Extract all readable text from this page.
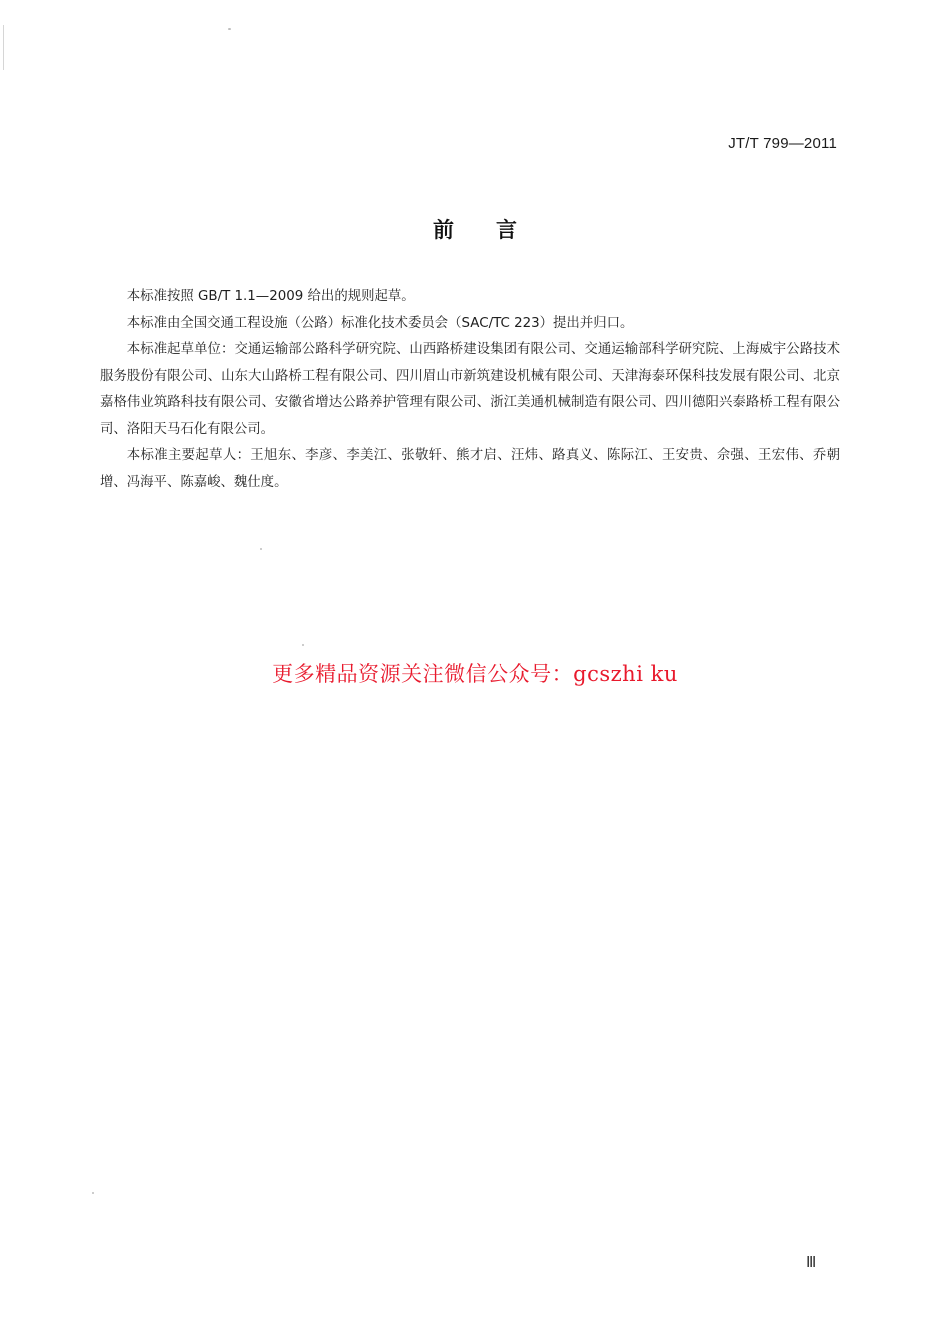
JT/T 799—2011
前言

本标准按照 GB/T 1.1—2009 给出的规则起草。

本标准由全国交通工程设施（公路）标准化技术委员会（SAC/TC 223）提出并归口。

本标准起草单位：交通运输部公路科学研究院、山西路桥建设集团有限公司、交通运输部科学研究院、上海威宇公路技术服务股份有限公司、山东大山路桥工程有限公司、四川眉山市新筑建设机械有限公司、天津海泰环保科技发展有限公司、北京嘉格伟业筑路科技有限公司、安徽省增达公路养护管理有限公司、浙江美通机械制造有限公司、四川德阳兴泰路桥工程有限公司、洛阳天马石化有限公司。

本标准主要起草人：王旭东、李彦、李美江、张敬轩、熊才启、汪炜、路真义、陈际江、王安贵、佘强、王宏伟、乔朝增、冯海平、陈嘉峻、魏仕度。

更多精品资源关注微信公众号：gcszhi ku
Ⅲ
